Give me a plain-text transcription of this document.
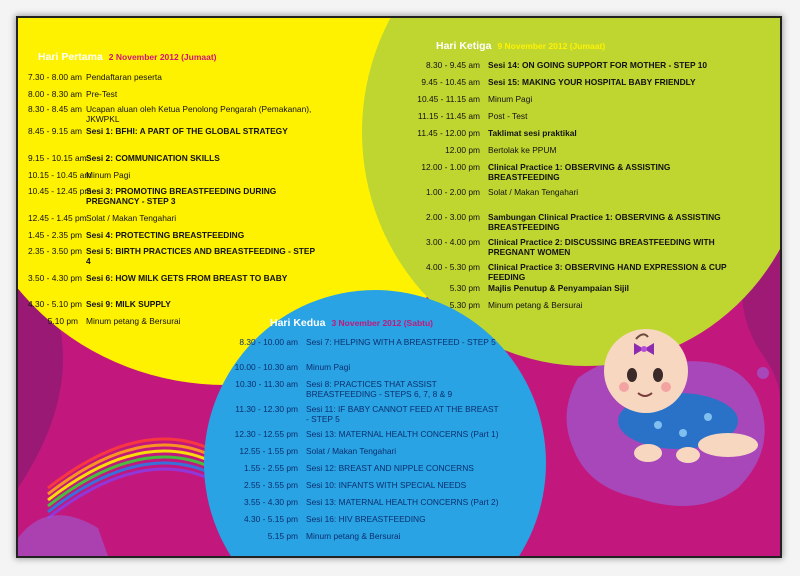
Hari Pertama 2 November 2012 (Jumaat)
7.30 - 8.00 am Pendaftaran peserta
8.00 - 8.30 am Pre-Test
8.30 - 8.45 am Ucapan aluan oleh Ketua Penolong Pengarah (Pemakanan), JKWPKL
8.45 - 9.15 am Sesi 1: BFHI: A PART OF THE GLOBAL STRATEGY
9.15 - 10.15 am Sesi 2: COMMUNICATION SKILLS
10.15 - 10.45 am
Minum Pagi
10.45 - 12.45 pm
Sesi 3: PROMOTING BREASTFEEDING DURING PREGNANCY - STEP 3
12.45 - 1.45 pm Solat / Makan Tengahari
1.45 - 2.35 pm Sesi 4: PROTECTING BREASTFEEDING
2.35 - 3.50 pm Sesi 5: BIRTH PRACTICES AND BREASTFEEDING - STEP 4
3.50 - 4.30 pm Sesi 6: HOW MILK GETS FROM BREAST TO BABY
4.30 - 5.10 pm Sesi 9: MILK SUPPLY
5.10 pm Minum petang & Bersurai
Hari Ketiga 9 November 2012 (Jumaat)
8.30 - 9.45 am Sesi 14: ON GOING SUPPORT FOR MOTHER - STEP 10
9.45 - 10.45 am Sesi 15: MAKING YOUR HOSPITAL BABY FRIENDLY
10.45 - 11.15 am Minum Pagi
11.15 - 11.45 am Post - Test
11.45 - 12.00 pm Taklimat sesi praktikal
12.00 pm Bertolak ke PPUM
12.00 - 1.00 pm Clinical Practice 1: OBSERVING & ASSISTING BREASTFEEDING
1.00 - 2.00 pm Solat / Makan Tengahari
2.00 - 3.00 pm Sambungan Clinical Practice 1: OBSERVING & ASSISTING BREASTFEEDING
3.00 - 4.00 pm Clinical Practice 2: DISCUSSING BREASTFEEDING WITH PREGNANT WOMEN
4.00 - 5.30 pm Clinical Practice 3: OBSERVING HAND EXPRESSION & CUP FEEDING
5.30 pm Majlis Penutup & Penyampaian Sijil
5.30 pm Minum petang & Bersurai
Hari Kedua 3 November 2012 (Sabtu)
8.30 - 10.00 am Sesi 7: HELPING WITH A BREASTFEED - STEP 5
10.00 - 10.30 am Minum Pagi
10.30 - 11.30 am Sesi 8: PRACTICES THAT ASSIST BREASTFEEDING - STEPS 6, 7, 8 & 9
11.30 - 12.30 pm Sesi 11: IF BABY CANNOT FEED AT THE BREAST - STEP 5
12.30 - 12.55 pm Sesi 13: MATERNAL HEALTH CONCERNS (Part 1)
12.55 - 1.55 pm Solat / Makan Tengahari
1.55 - 2.55 pm Sesi 12: BREAST AND NIPPLE CONCERNS
2.55 - 3.55 pm Sesi 10: INFANTS WITH SPECIAL NEEDS
3.55 - 4.30 pm Sesi 13: MATERNAL HEALTH CONCERNS (Part 2)
4.30 - 5.15 pm Sesi 16: HIV BREASTFEEDING
5.15 pm Minum petang & Bersurai
